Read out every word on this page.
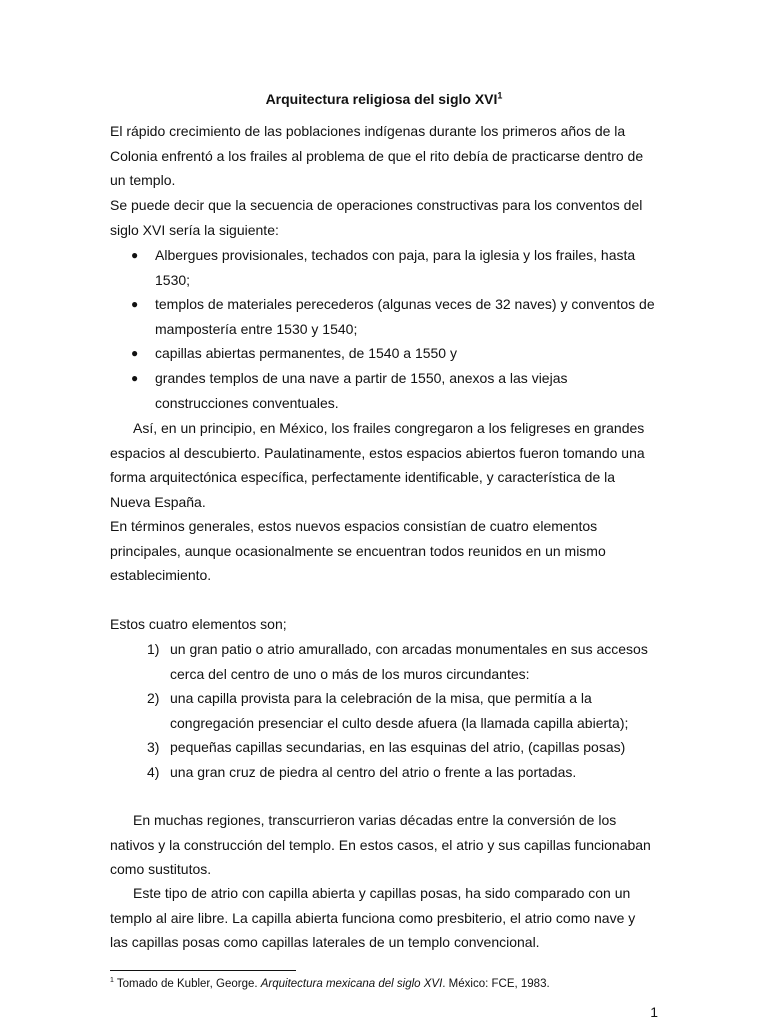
Arquitectura religiosa del siglo XVI$^1$

El rápido crecimiento de las poblaciones indígenas durante los primeros años de la Colonia enfrentó a los frailes al problema de que el rito debía de practicarse dentro de un templo.

Se puede decir que la secuencia de operaciones constructivas para los conventos del siglo XVI sería la siguiente:

● Albergues provisionales, techados con paja, para la iglesia y los frailes, hasta 1530;
● templos de materiales perecederos (algunas veces de 32 naves) y conventos de mampostería entre 1530 y 1540;
● capillas abiertas permanentes, de 1540 a 1550 y
● grandes templos de una nave a partir de 1550, anexos a las viejas construcciones conventuales.

Así, en un principio, en México, los frailes congregaron a los feligreses en grandes espacios al descubierto. Paulatinamente, estos espacios abiertos fueron tomando una forma arquitectónica específica, perfectamente identificable, y característica de la Nueva España.

En términos generales, estos nuevos espacios consistían de cuatro elementos principales, aunque ocasionalmente se encuentran todos reunidos en un mismo establecimiento.

Estos cuatro elementos son;

1) un gran patio o atrio amurallado, con arcadas monumentales en sus accesos cerca del centro de uno o más de los muros circundantes:
2) una capilla provista para la celebración de la misa, que permitía a la congregación presenciar el culto desde afuera (la llamada capilla abierta);
3) pequeñas capillas secundarias, en las esquinas del atrio, (capillas posas)
4) una gran cruz de piedra al centro del atrio o frente a las portadas.

En muchas regiones, transcurrieron varias décadas entre la conversión de los nativos y la construcción del templo. En estos casos, el atrio y sus capillas funcionaban como sustitutos.

Este tipo de atrio con capilla abierta y capillas posas, ha sido comparado con un templo al aire libre. La capilla abierta funciona como presbiterio, el atrio como nave y las capillas posas como capillas laterales de un templo convencional.

$^1$ Tomado de Kubler, George. Arquitectura mexicana del siglo XVI. México: FCE, 1983.
1
